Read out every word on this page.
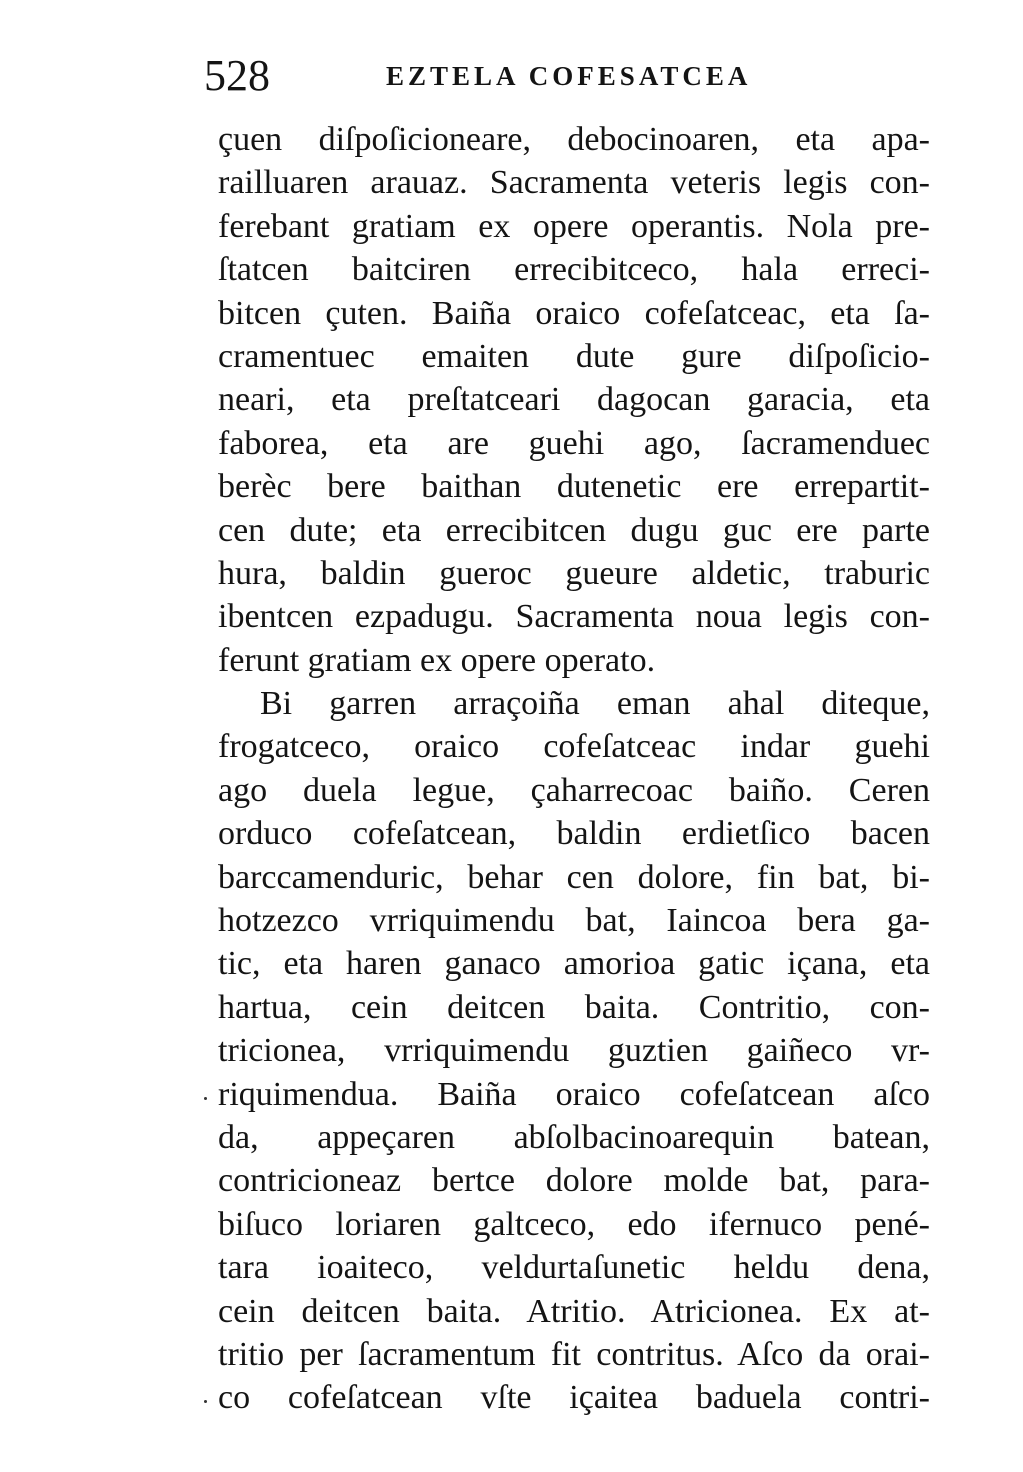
528	EZTELA COFESATCEA
çuen diſpoſicioneare, debocinoaren, eta apa-
railluaren arauaz. Sacramenta veteris legis con-
ferebant gratiam ex opere operantis. Nola pre-
ſtatcen baitciren errecibitceco, hala erreci-
bitcen çuten. Baiña oraico cofeſatceac, eta ſa-
cramentuec emaiten dute gure diſpoſicio-
neari, eta preſtatceari dagocan garacia, eta
faborea, eta are guehi ago, ſacramenduec
berèc bere baithan dutenetic ere errepartit-
cen dute; eta errecibitcen dugu guc ere parte
hura, baldin gueroc gueure aldetic, traburic
ibentcen ezpadugu. Sacramenta noua legis con-
ferunt gratiam ex opere operato.
Bi garren arraçoiña eman ahal diteque,
frogatceco, oraico cofeſatceac indar guehi
ago duela legue, çaharrecoac baiño. Ceren
orduco cofeſatcean, baldin erdietſico bacen
barccamenduric, behar cen dolore, fin bat, bi-
hotzezco vrriquimendu bat, Iaincoa bera ga-
tic, eta haren ganaco amorioa gatic içana, eta
hartua, cein deitcen baita. Contritio, con-
tricionea, vrriquimendu guztien gaiñeco vr-
riquimendua. Baiña oraico cofeſatcean aſco
da, appeçaren abſolbacinoarequin batean,
contricioneaz bertce dolore molde bat, para-
biſuco loriaren galtceco, edo ifernuco pené-
tara ioaiteco, veldurtaſunetic heldu dena,
cein deitcen baita. Atritio. Atricionea. Ex at-
tritio per ſacramentum fit contritus. Aſco da orai-
co cofeſatcean vſte içaitea baduela contri-
